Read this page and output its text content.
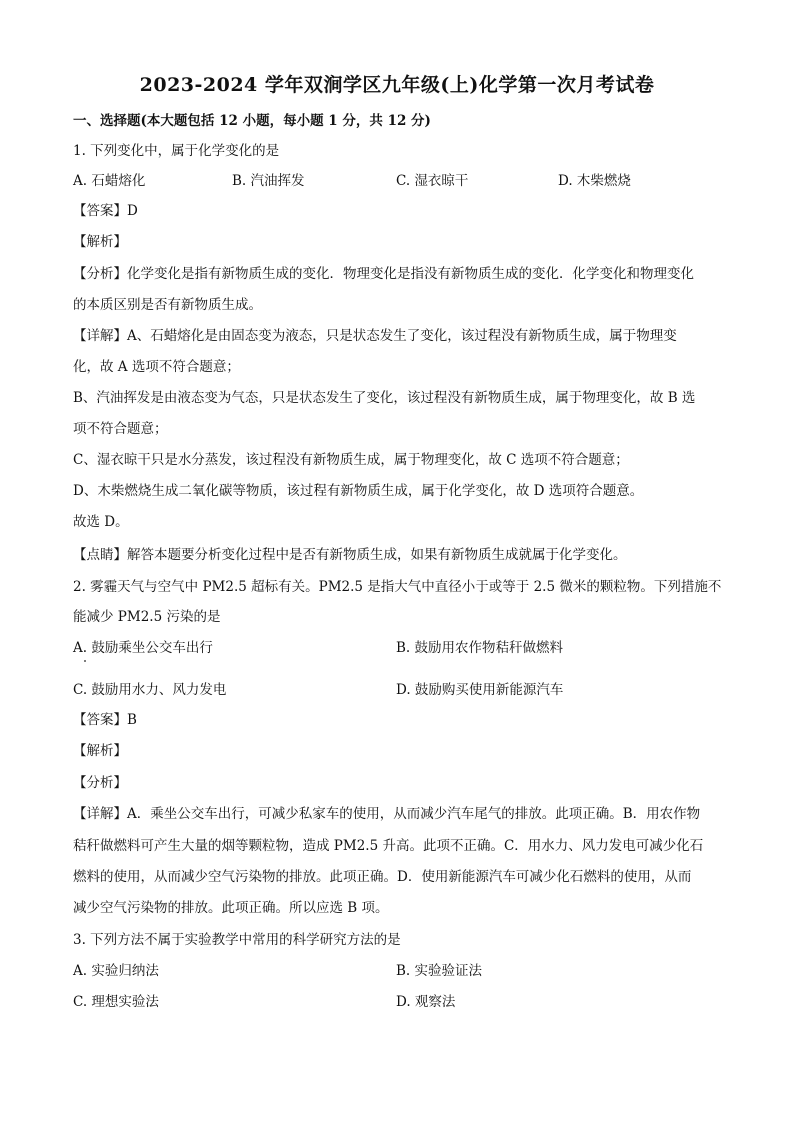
2023-2024 学年双涧学区九年级(上)化学第一次月考试卷
一、选择题(本大题包括 12 小题，每小题 1 分，共 12 分)
1. 下列变化中，属于化学变化的是
A. 石蜡熔化	B. 汽油挥发	C. 湿衣晾干	D. 木柴燃烧
【答案】D
【解析】
【分析】化学变化是指有新物质生成的变化．物理变化是指没有新物质生成的变化．化学变化和物理变化
的本质区别是否有新物质生成。
【详解】A、石蜡熔化是由固态变为液态，只是状态发生了变化，该过程没有新物质生成，属于物理变
化，故 A 选项不符合题意；
B、汽油挥发是由液态变为气态，只是状态发生了变化，该过程没有新物质生成，属于物理变化，故 B 选
项不符合题意；
C、湿衣晾干只是水分蒸发，该过程没有新物质生成，属于物理变化，故 C 选项不符合题意；
D、木柴燃烧生成二氧化碳等物质，该过程有新物质生成，属于化学变化，故 D 选项符合题意。
故选 D。
【点睛】解答本题要分析变化过程中是否有新物质生成，如果有新物质生成就属于化学变化。
2. 雾霾天气与空气中 PM2.5 超标有关。PM2.5 是指大气中直径小于或等于 2.5 微米的颗粒物。下列措施不
能减少 PM2.5 污染的是
A. 鼓励乘坐公交车出行	B. 鼓励用农作物秸秆做燃料
C. 鼓励用水力、风力发电	D. 鼓励购买使用新能源汽车
【答案】B
【解析】
【分析】
【详解】A．乘坐公交车出行，可减少私家车的使用，从而减少汽车尾气的排放。此项正确。B．用农作物
秸秆做燃料可产生大量的烟等颗粒物，造成 PM2.5 升高。此项不正确。C．用水力、风力发电可减少化石
燃料的使用，从而减少空气污染物的排放。此项正确。D．使用新能源汽车可减少化石燃料的使用，从而
减少空气污染物的排放。此项正确。所以应选 B 项。
3. 下列方法不属于实验教学中常用的科学研究方法的是
A. 实验归纳法	B. 实验验证法
C. 理想实验法	D. 观察法
